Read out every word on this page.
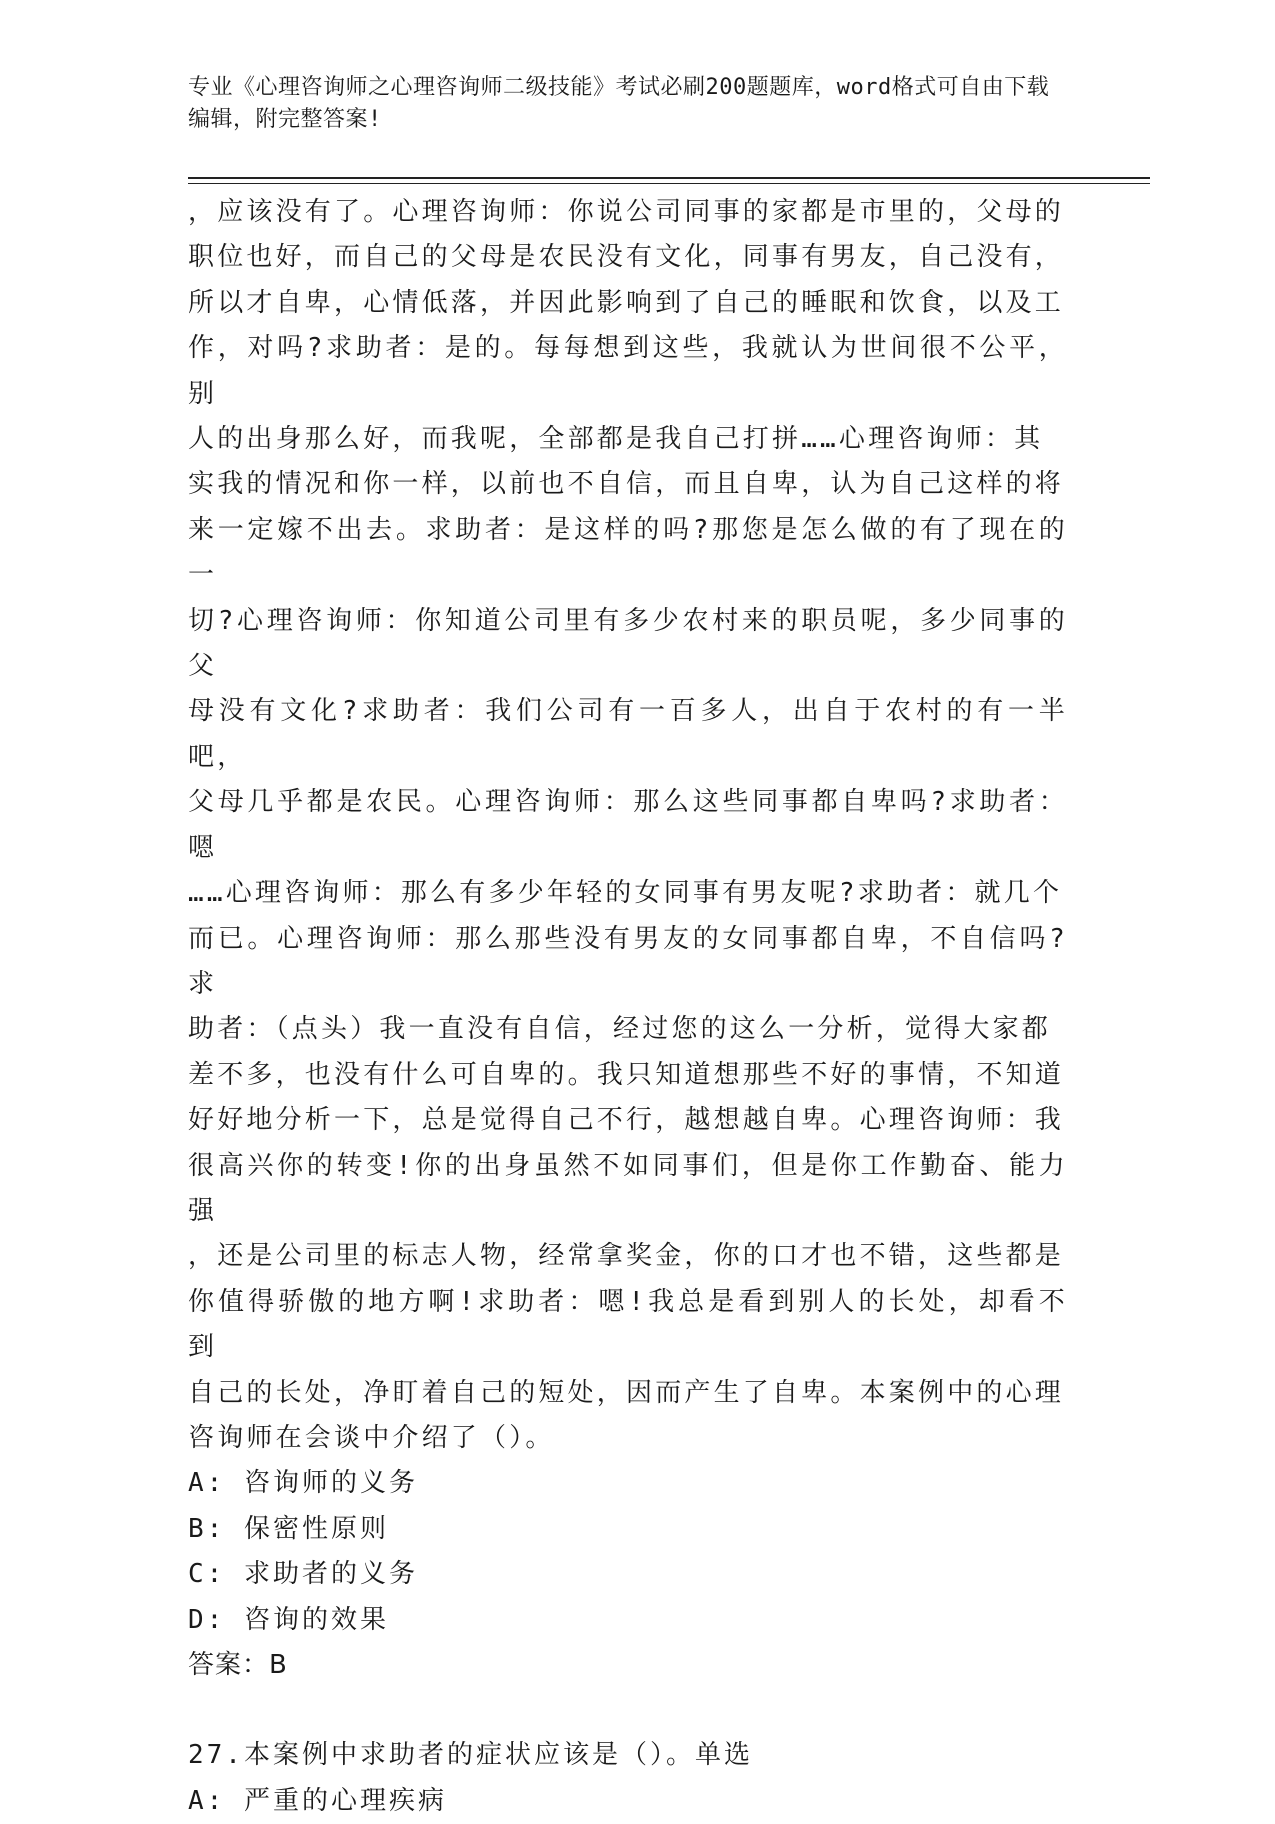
专业《心理咨询师之心理咨询师二级技能》考试必刷200题题库，word格式可自由下载编辑，附完整答案!
，应该没有了。心理咨询师：你说公司同事的家都是市里的，父母的
职位也好，而自己的父母是农民没有文化，同事有男友，自己没有，
所以才自卑，心情低落，并因此影响到了自己的睡眠和饮食，以及工
作，对吗?求助者：是的。每每想到这些，我就认为世间很不公平，别
人的出身那么好，而我呢，全部都是我自己打拼……心理咨询师：其
实我的情况和你一样，以前也不自信，而且自卑，认为自己这样的将
来一定嫁不出去。求助者：是这样的吗?那您是怎么做的有了现在的一
切?心理咨询师：你知道公司里有多少农村来的职员呢，多少同事的父
母没有文化?求助者：我们公司有一百多人，出自于农村的有一半吧，
父母几乎都是农民。心理咨询师：那么这些同事都自卑吗?求助者：嗯
……心理咨询师：那么有多少年轻的女同事有男友呢?求助者：就几个
而已。心理咨询师：那么那些没有男友的女同事都自卑，不自信吗?求
助者：（点头）我一直没有自信，经过您的这么一分析，觉得大家都
差不多，也没有什么可自卑的。我只知道想那些不好的事情，不知道
好好地分析一下，总是觉得自己不行，越想越自卑。心理咨询师：我
很高兴你的转变!你的出身虽然不如同事们，但是你工作勤奋、能力强
，还是公司里的标志人物，经常拿奖金，你的口才也不错，这些都是
你值得骄傲的地方啊!求助者：嗯!我总是看到别人的长处，却看不到
自己的长处，净盯着自己的短处，因而产生了自卑。本案例中的心理
咨询师在会谈中介绍了（）。
A: 咨询师的义务
B: 保密性原则
C: 求助者的义务
D: 咨询的效果
答案：B
27.本案例中求助者的症状应该是（）。单选
A: 严重的心理疾病
